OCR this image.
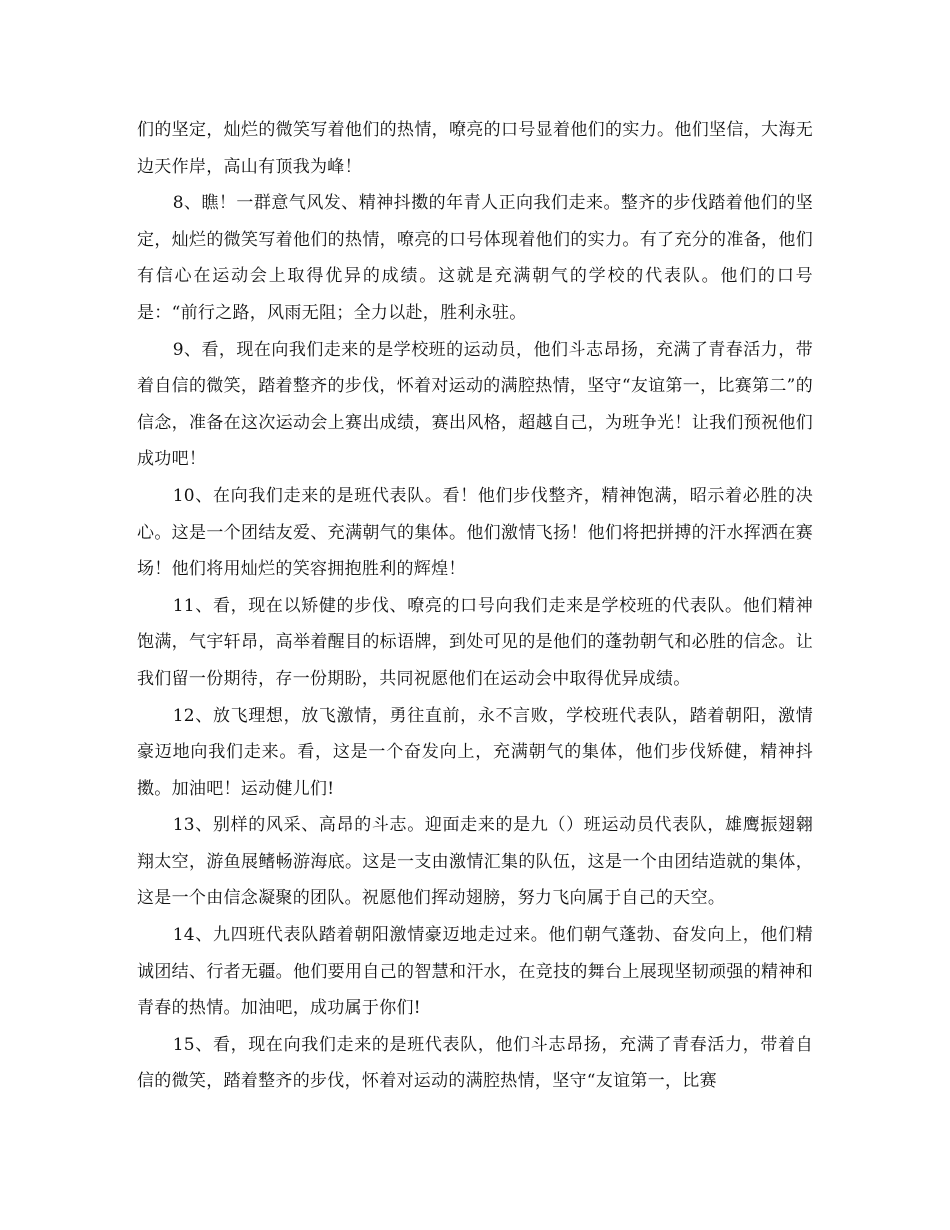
们的坚定，灿烂的微笑写着他们的热情，嘹亮的口号显着他们的实力。他们坚信，大海无边天作岸，高山有顶我为峰！

8、瞧！一群意气风发、精神抖擞的年青人正向我们走来。整齐的步伐踏着他们的坚定，灿烂的微笑写着他们的热情，嘹亮的口号体现着他们的实力。有了充分的准备，他们有信心在运动会上取得优异的成绩。这就是充满朝气的学校的代表队。他们的口号是：“前行之路，风雨无阻；全力以赴，胜利永驻。

9、看，现在向我们走来的是学校班的运动员，他们斗志昂扬，充满了青春活力，带着自信的微笑，踏着整齐的步伐，怀着对运动的满腔热情，坚守“友谊第一，比赛第二”的信念，准备在这次运动会上赛出成绩，赛出风格，超越自己，为班争光！让我们预祝他们成功吧！

10、在向我们走来的是班代表队。看！他们步伐整齐，精神饱满，昭示着必胜的决心。这是一个团结友爱、充满朝气的集体。他们激情飞扬！他们将把拼搏的汗水挥洒在赛场！他们将用灿烂的笑容拥抱胜利的辉煌！

11、看，现在以矫健的步伐、嘹亮的口号向我们走来是学校班的代表队。他们精神饱满，气宇轩昂，高举着醒目的标语牌，到处可见的是他们的蓬勃朝气和必胜的信念。让我们留一份期待，存一份期盼，共同祝愿他们在运动会中取得优异成绩。

12、放飞理想，放飞激情，勇往直前，永不言败，学校班代表队，踏着朝阳，激情豪迈地向我们走来。看，这是一个奋发向上，充满朝气的集体，他们步伐矫健，精神抖擞。加油吧！运动健儿们!

13、别样的风采、高昂的斗志。迎面走来的是九（）班运动员代表队，雄鹰振翅翱翔太空，游鱼展鳍畅游海底。这是一支由激情汇集的队伍，这是一个由团结造就的集体，这是一个由信念凝聚的团队。祝愿他们挥动翅膀，努力飞向属于自己的天空。

14、九四班代表队踏着朝阳激情豪迈地走过来。他们朝气蓬勃、奋发向上，他们精诚团结、行者无疆。他们要用自己的智慧和汗水，在竞技的舞台上展现坚韧顽强的精神和青春的热情。加油吧，成功属于你们!

15、看，现在向我们走来的是班代表队，他们斗志昂扬，充满了青春活力，带着自信的微笑，踏着整齐的步伐，怀着对运动的满腔热情，坚守“友谊第一，比赛
